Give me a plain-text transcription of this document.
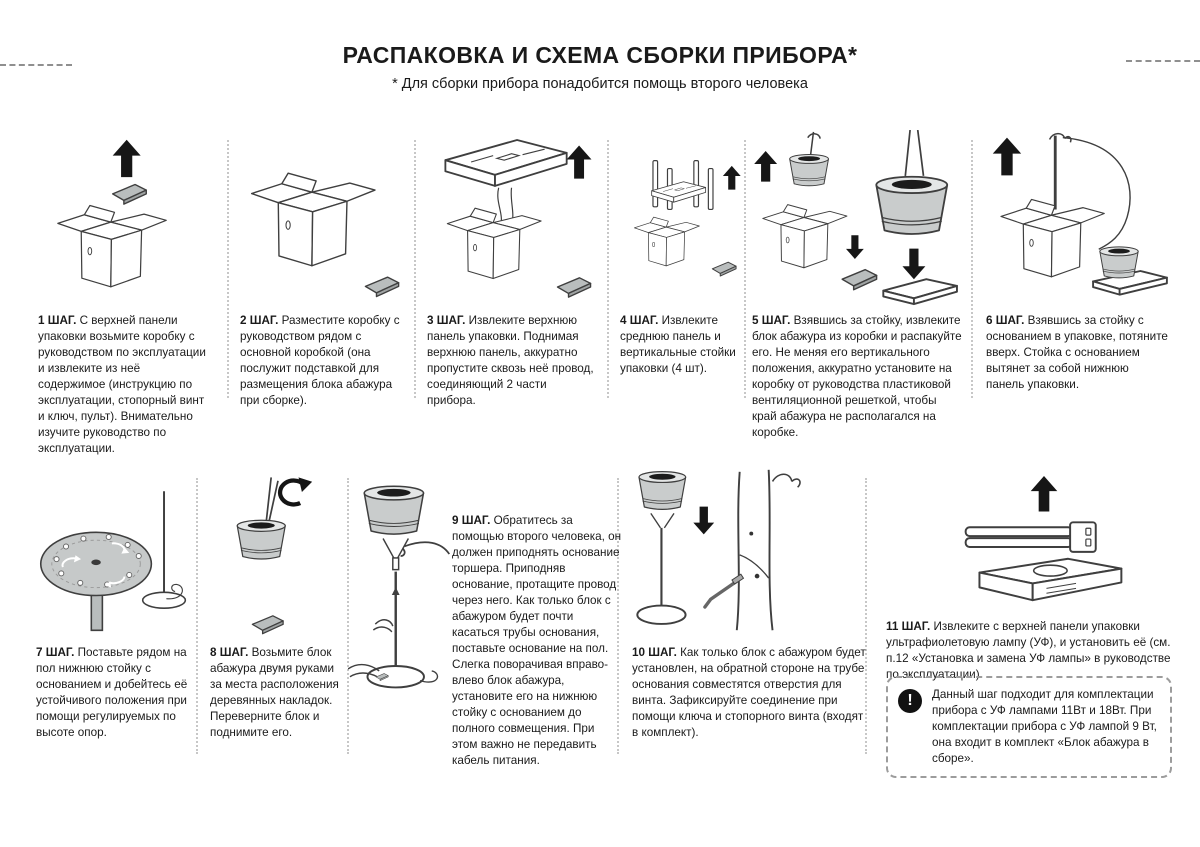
РАСПАКОВКА И СХЕМА СБОРКИ ПРИБОРА*
* Для сборки прибора понадобится помощь второго человека

1 ШАГ. С верхней панели упаковки возьмите коробку с руководством по эксплуатации и извлеките из неё содержимое (инструкцию по эксплуатации, стопорный винт и ключ, пульт). Внимательно изучите руководство по эксплуатации.

2 ШАГ. Разместите коробку с руководством рядом с основной коробкой (она послужит подставкой для размещения блока абажура при сборке).

3 ШАГ. Извлеките верхнюю панель упаковки. Поднимая верхнюю панель, аккуратно пропустите сквозь неё провод, соединяющий 2 части прибора.

4 ШАГ. Извлеките среднюю панель и вертикальные стойки упаковки (4 шт).

5 ШАГ. Взявшись за стойку, извлеките блок абажура из коробки и распакуйте его. Не меняя его вертикального положения, аккуратно установите на коробку от руководства пластиковой вентиляционной решеткой, чтобы край абажура не располагался на коробке.

6 ШАГ. Взявшись за стойку с основанием в упаковке, потяните вверх. Стойка с основанием вытянет за собой нижнюю панель упаковки.

7 ШАГ. Поставьте рядом на пол нижнюю стойку с основанием и добейтесь её устойчивого положения при помощи регулируемых по высоте опор.

8 ШАГ. Возьмите блок абажура двумя руками за места расположения деревянных накладок. Переверните блок и поднимите его.

9 ШАГ. Обратитесь за помощью второго человека, он должен приподнять основание торшера. Приподняв основание, протащите провод через него. Как только блок с абажуром будет почти касаться трубы основания, поставьте основание на пол. Слегка поворачивая вправо-влево блок абажура, установите его на нижнюю стойку с основанием до полного совмещения. При этом важно не передавить кабель питания.

10 ШАГ. Как только блок с абажуром будет установлен, на обратной стороне на трубе основания совместятся отверстия для винта. Зафиксируйте соединение при помощи ключа и стопорного винта (входят в комплект).

11 ШАГ. Извлеките с верхней панели упаковки ультрафиолетовую лампу (УФ), и установить её (см. п.12 «Установка и замена УФ лампы» в руководстве по эксплуатации).

!	Данный шаг подходит для комплектации прибора с УФ лампами 11Вт и 18Вт. При комплектации прибора с УФ лампой 9 Вт, она входит в комплект «Блок абажура в сборе».
